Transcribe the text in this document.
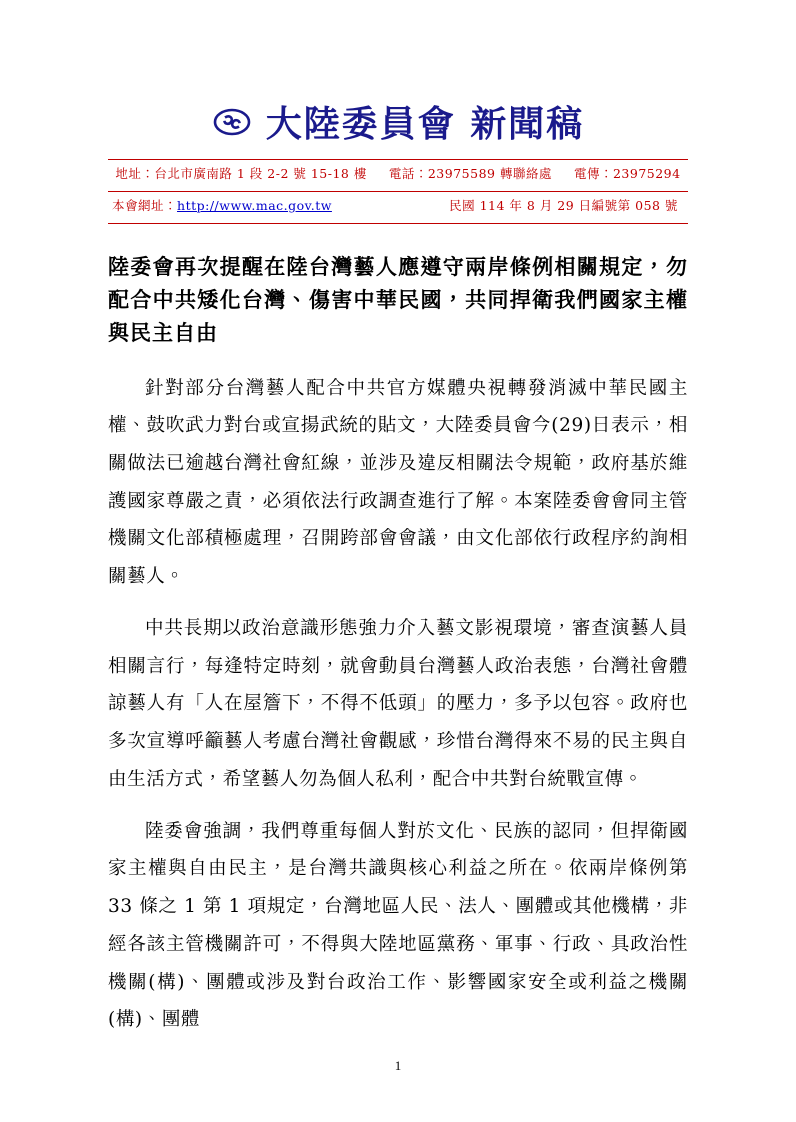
大陸委員會 新聞稿
地址：台北市廣南路 1 段 2-2 號 15-18 樓 電話：23975589 轉聯絡處 電傳：23975294
本會網址：http://www.mac.gov.tw	民國 114 年 8 月 29 日編號第 058 號
陸委會再次提醒在陸台灣藝人應遵守兩岸條例相關規定，勿配合中共矮化台灣、傷害中華民國，共同捍衛我們國家主權與民主自由

針對部分台灣藝人配合中共官方媒體央視轉發消滅中華民國主權、鼓吹武力對台或宣揚武統的貼文，大陸委員會今(29)日表示，相關做法已逾越台灣社會紅線，並涉及違反相關法令規範，政府基於維護國家尊嚴之責，必須依法行政調查進行了解。本案陸委會會同主管機關文化部積極處理，召開跨部會會議，由文化部依行政程序約詢相關藝人。

中共長期以政治意識形態強力介入藝文影視環境，審查演藝人員相關言行，每逢特定時刻，就會動員台灣藝人政治表態，台灣社會體諒藝人有「人在屋簷下，不得不低頭」的壓力，多予以包容。政府也多次宣導呼籲藝人考慮台灣社會觀感，珍惜台灣得來不易的民主與自由生活方式，希望藝人勿為個人私利，配合中共對台統戰宣傳。

陸委會強調，我們尊重每個人對於文化、民族的認同，但捍衛國家主權與自由民主，是台灣共識與核心利益之所在。依兩岸條例第 33 條之 1 第 1 項規定，台灣地區人民、法人、團體或其他機構，非經各該主管機關許可，不得與大陸地區黨務、軍事、行政、具政治性機關(構)、團體或涉及對台政治工作、影響國家安全或利益之機關(構)、團體

1
